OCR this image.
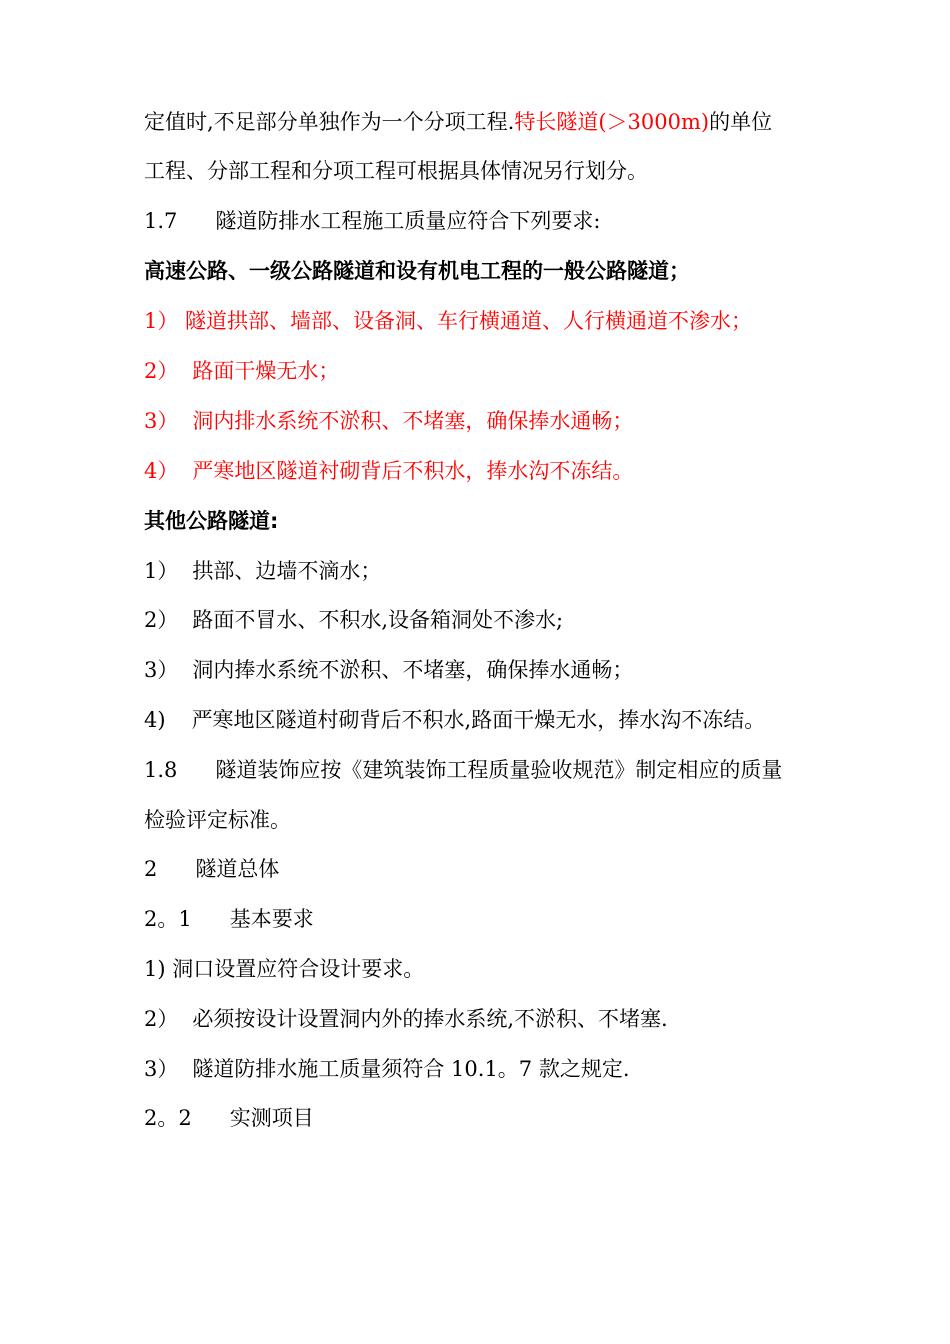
定值时,不足部分单独作为一个分项工程.特长隧道(＞3000m)的单位
工程、分部工程和分项工程可根据具体情况另行划分。
1.7 隧道防排水工程施工质量应符合下列要求:
高速公路、一级公路隧道和设有机电工程的一般公路隧道；
1） 隧道拱部、墙部、设备洞、车行横通道、人行横通道不渗水；
2） 路面干燥无水；
3） 洞内排水系统不淤积、不堵塞，确保捧水通畅；
4） 严寒地区隧道衬砌背后不积水，捧水沟不冻结。
其他公路隧道:
1） 拱部、边墙不滴水；
2） 路面不冒水、不积水,设备箱洞处不渗水;
3） 洞内捧水系统不淤积、不堵塞，确保捧水通畅；
4) 严寒地区隧道村砌背后不积水,路面干燥无水，捧水沟不冻结。
1.8 隧道装饰应按《建筑装饰工程质量验收规范》制定相应的质量
检验评定标准。
2 隧道总体
2。1 基本要求
1) 洞口设置应符合设计要求。
2） 必须按设计设置洞内外的捧水系统,不淤积、不堵塞.
3） 隧道防排水施工质量须符合 10.1。7 款之规定.
2。2 实测项目
